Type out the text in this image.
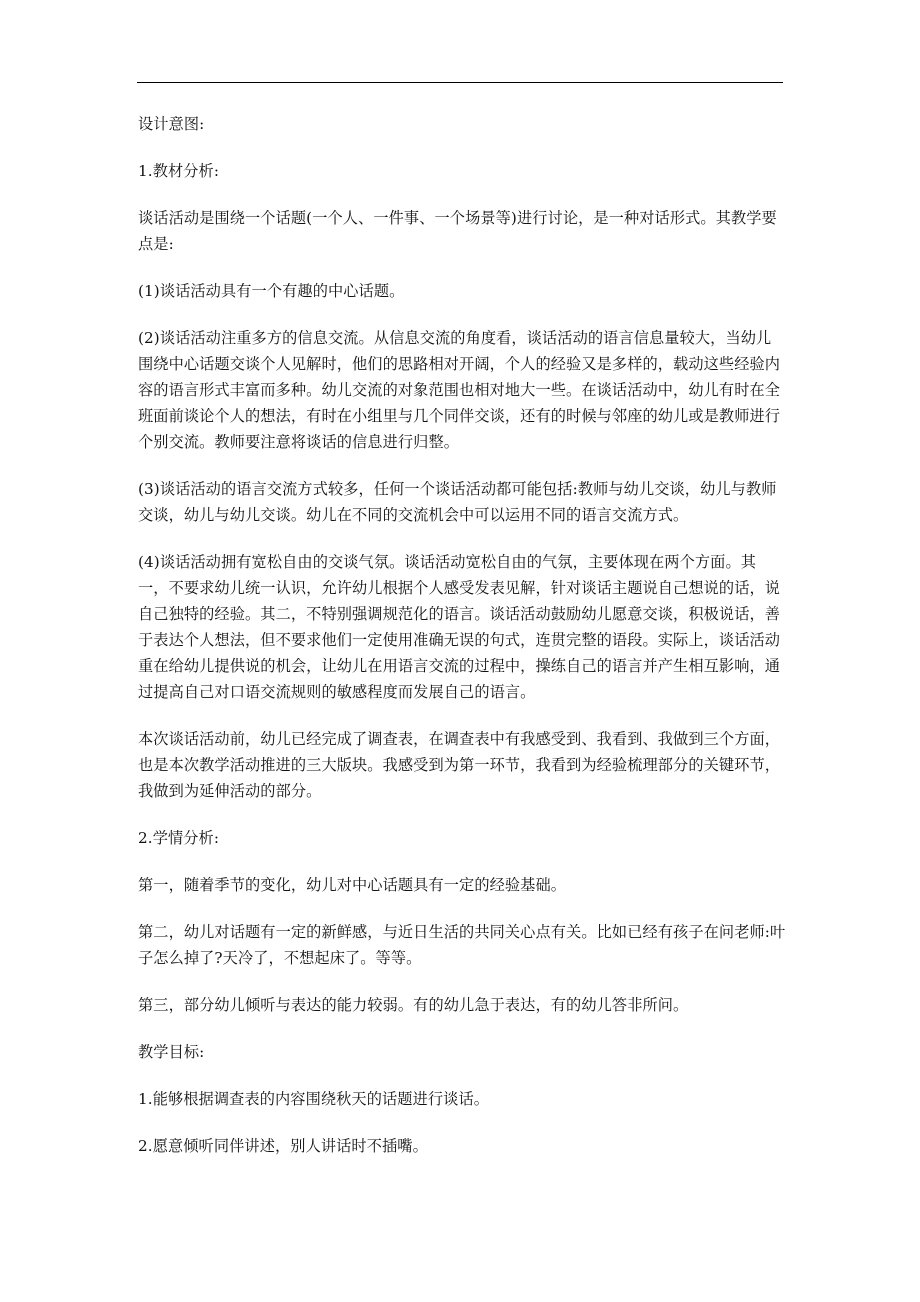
设计意图:

1.教材分析:

谈话活动是围绕一个话题(一个人、一件事、一个场景等)进行讨论，是一种对话形式。其教学要点是:

(1)谈话活动具有一个有趣的中心话题。

(2)谈话活动注重多方的信息交流。从信息交流的角度看，谈话活动的语言信息量较大，当幼儿围绕中心话题交谈个人见解时，他们的思路相对开阔，个人的经验又是多样的，载动这些经验内容的语言形式丰富而多种。幼儿交流的对象范围也相对地大一些。在谈话活动中，幼儿有时在全班面前谈论个人的想法，有时在小组里与几个同伴交谈，还有的时候与邻座的幼儿或是教师进行个别交流。教师要注意将谈话的信息进行归整。

(3)谈话活动的语言交流方式较多，任何一个谈话活动都可能包括:教师与幼儿交谈，幼儿与教师交谈，幼儿与幼儿交谈。幼儿在不同的交流机会中可以运用不同的语言交流方式。

(4)谈话活动拥有宽松自由的交谈气氛。谈话活动宽松自由的气氛，主要体现在两个方面。其一，不要求幼儿统一认识，允许幼儿根据个人感受发表见解，针对谈话主题说自己想说的话，说自己独特的经验。其二，不特别强调规范化的语言。谈话活动鼓励幼儿愿意交谈，积极说话，善于表达个人想法，但不要求他们一定使用准确无误的句式，连贯完整的语段。实际上，谈话活动重在给幼儿提供说的机会，让幼儿在用语言交流的过程中，操练自己的语言并产生相互影响，通过提高自己对口语交流规则的敏感程度而发展自己的语言。

本次谈话活动前，幼儿已经完成了调查表，在调查表中有我感受到、我看到、我做到三个方面，也是本次教学活动推进的三大版块。我感受到为第一环节，我看到为经验梳理部分的关键环节，我做到为延伸活动的部分。

2.学情分析:

第一，随着季节的变化，幼儿对中心话题具有一定的经验基础。

第二，幼儿对话题有一定的新鲜感，与近日生活的共同关心点有关。比如已经有孩子在问老师:叶子怎么掉了?天冷了，不想起床了。等等。

第三，部分幼儿倾听与表达的能力较弱。有的幼儿急于表达，有的幼儿答非所问。

教学目标:

1.能够根据调查表的内容围绕秋天的话题进行谈话。

2.愿意倾听同伴讲述，别人讲话时不插嘴。
